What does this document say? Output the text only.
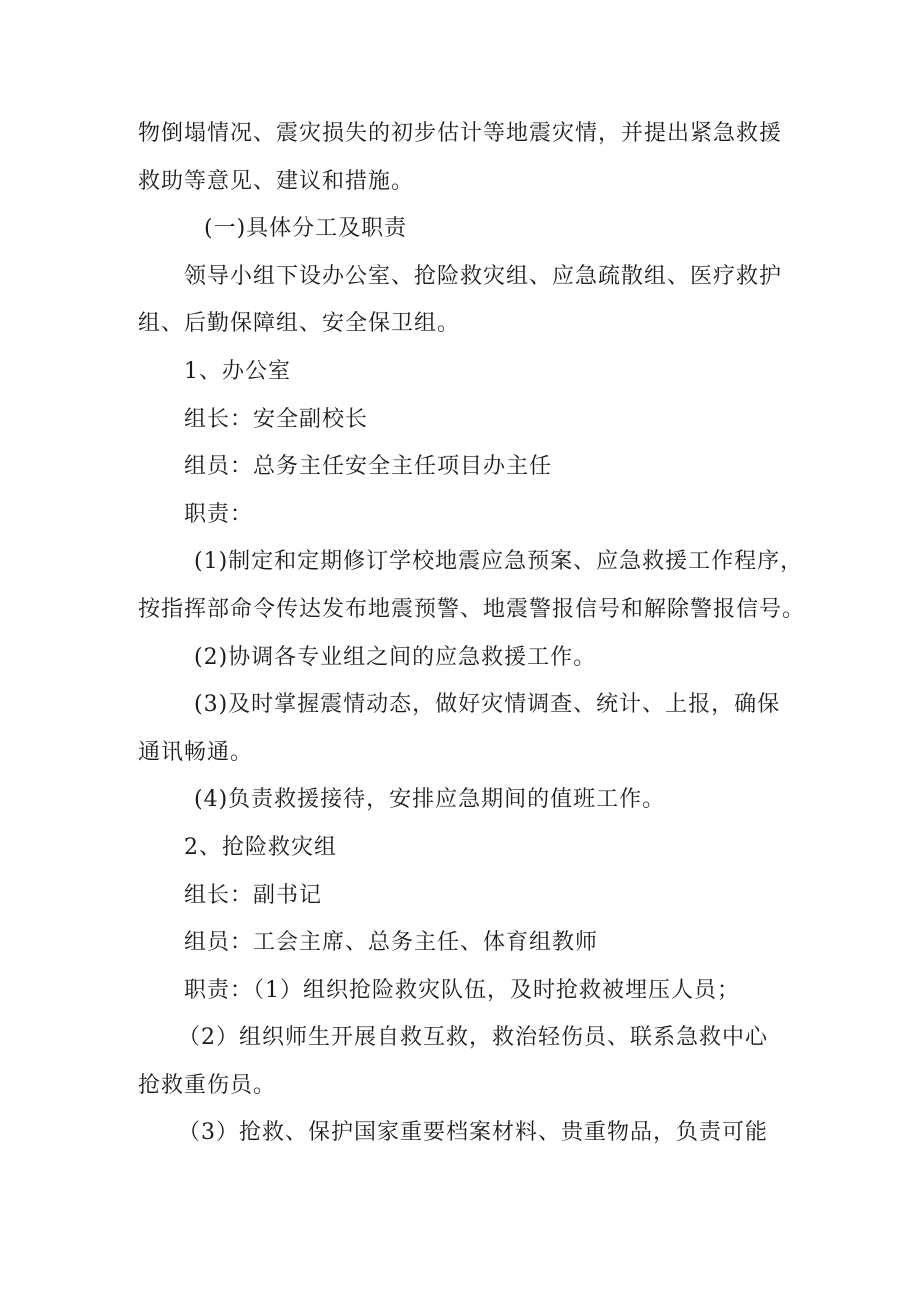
物倒塌情况、震灾损失的初步估计等地震灾情，并提出紧急救援
救助等意见、建议和措施。
(一)具体分工及职责
领导小组下设办公室、抢险救灾组、应急疏散组、医疗救护
组、后勤保障组、安全保卫组。
1、办公室
组长：安全副校长
组员：总务主任安全主任项目办主任
职责：
(1)制定和定期修订学校地震应急预案、应急救援工作程序，
按指挥部命令传达发布地震预警、地震警报信号和解除警报信号。
(2)协调各专业组之间的应急救援工作。
(3)及时掌握震情动态，做好灾情调查、统计、上报，确保
通讯畅通。
(4)负责救援接待，安排应急期间的值班工作。
2、抢险救灾组
组长：副书记
组员：工会主席、总务主任、体育组教师
职责：（1）组织抢险救灾队伍，及时抢救被埋压人员；
（2）组织师生开展自救互救，救治轻伤员、联系急救中心
抢救重伤员。
（3）抢救、保护国家重要档案材料、贵重物品，负责可能
